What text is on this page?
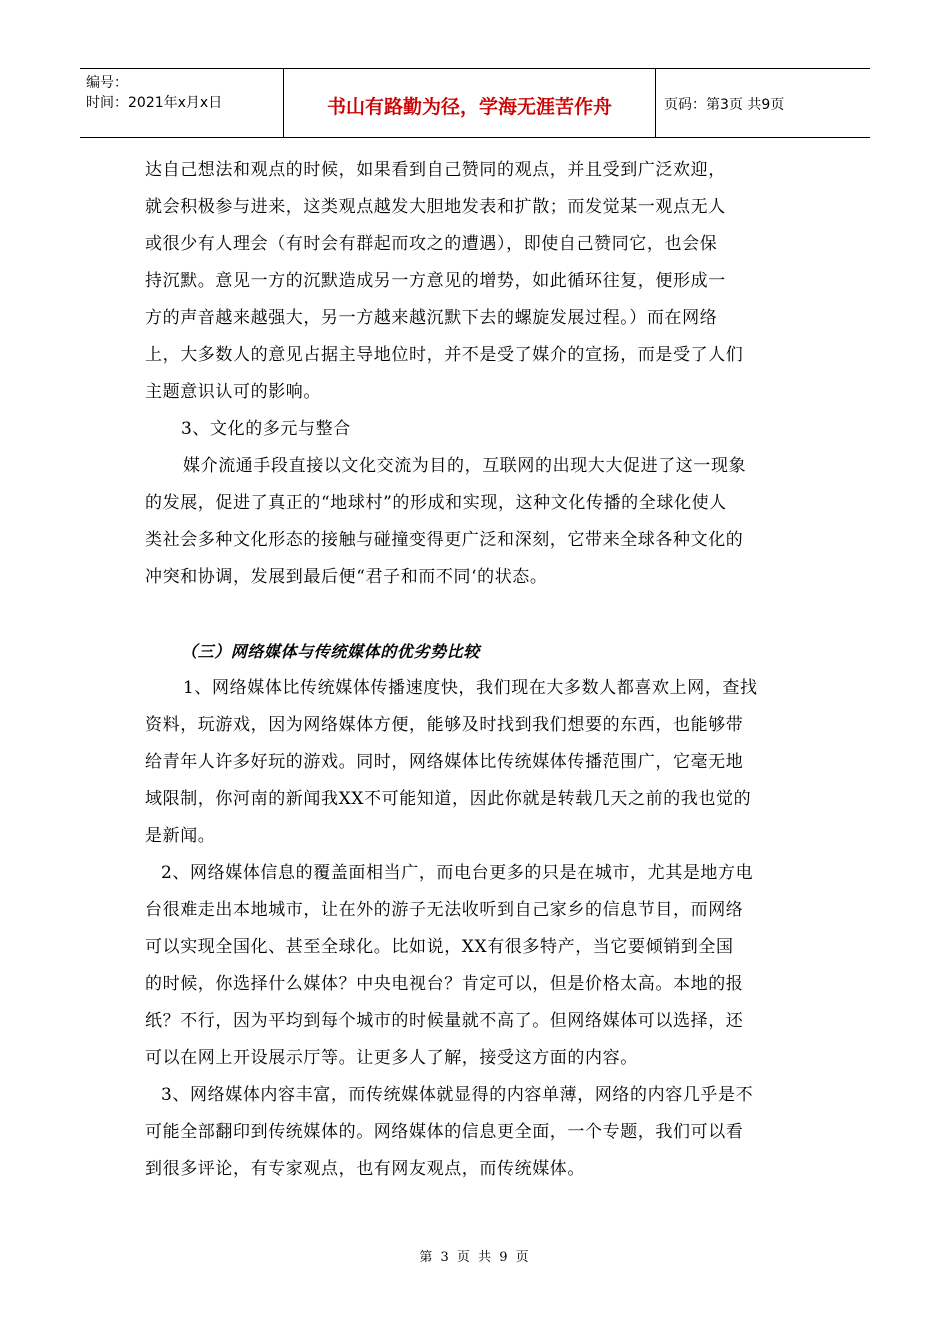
编号：
时间：2021年x月x日	书山有路勤为径，学海无涯苦作舟	页码：第3页 共9页
达自己想法和观点的时候，如果看到自己赞同的观点，并且受到广泛欢迎，
就会积极参与进来，这类观点越发大胆地发表和扩散；而发觉某一观点无人
或很少有人理会（有时会有群起而攻之的遭遇），即使自己赞同它，也会保
持沉默。意见一方的沉默造成另一方意见的增势，如此循环往复，便形成一
方的声音越来越强大，另一方越来越沉默下去的螺旋发展过程。）而在网络
上，大多数人的意见占据主导地位时，并不是受了媒介的宣扬，而是受了人们
主题意识认可的影响。
3、文化的多元与整合
媒介流通手段直接以文化交流为目的，互联网的出现大大促进了这一现象
的发展，促进了真正的“地球村”的形成和实现，这种文化传播的全球化使人
类社会多种文化形态的接触与碰撞变得更广泛和深刻，它带来全球各种文化的
冲突和协调，发展到最后便“君子和而不同‘的状态。
（三）网络媒体与传统媒体的优劣势比较
1、网络媒体比传统媒体传播速度快，我们现在大多数人都喜欢上网，查找
资料，玩游戏，因为网络媒体方便，能够及时找到我们想要的东西，也能够带
给青年人许多好玩的游戏。同时，网络媒体比传统媒体传播范围广，它毫无地
域限制，你河南的新闻我XX不可能知道，因此你就是转载几天之前的我也觉的
是新闻。
2、网络媒体信息的覆盖面相当广，而电台更多的只是在城市，尤其是地方电
台很难走出本地城市，让在外的游子无法收听到自己家乡的信息节目，而网络
可以实现全国化、甚至全球化。比如说，XX有很多特产，当它要倾销到全国
的时候，你选择什么媒体？中央电视台？肯定可以，但是价格太高。本地的报
纸？不行，因为平均到每个城市的时候量就不高了。但网络媒体可以选择，还
可以在网上开设展示厅等。让更多人了解，接受这方面的内容。
3、网络媒体内容丰富，而传统媒体就显得的内容单薄，网络的内容几乎是不
可能全部翻印到传统媒体的。网络媒体的信息更全面，一个专题，我们可以看
到很多评论，有专家观点，也有网友观点，而传统媒体。
第 3 页 共 9 页
